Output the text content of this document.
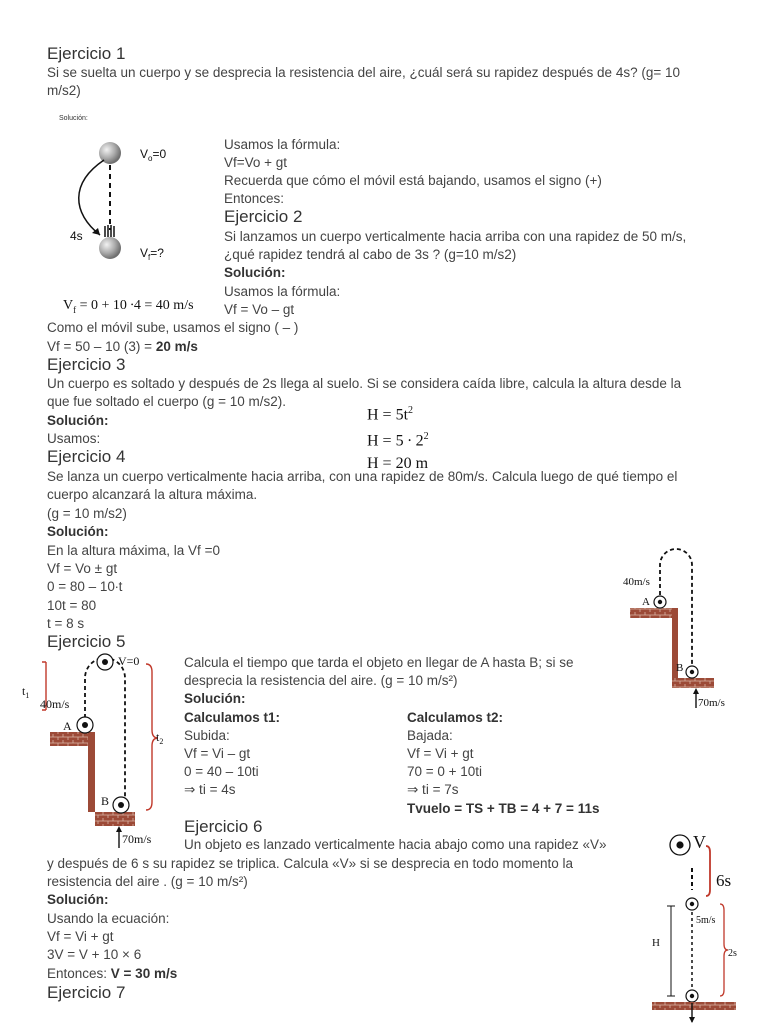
Ejercicio 1

Si se suelta un cuerpo y se desprecia la resistencia del aire, ¿cuál será su rapidez después de 4s? (g= 10

m/s2)

Solución:
$V_o=0$
4s
$V_f=$?

Usamos la fórmula:

Vf=Vo + gt

Recuerda que cómo el móvil está bajando, usamos el signo (+)

Entonces:

$V_f = 0 + 10 \cdot 4 = 40$ m/s
Ejercicio 2

Si lanzamos un cuerpo verticalmente hacia arriba con una rapidez de 50 m/s,

¿qué rapidez tendrá al cabo de 3s ? (g=10 m/s2)

Solución:

Usamos la fórmula:

Vf = Vo – gt

Como el móvil sube, usamos el signo ( – )

Vf = 50 – 10 (3) = 20 m/s

Ejercicio 3

Un cuerpo es soltado y después de 2s llega al suelo. Si se considera caída libre, calcula la altura desde la

que fue soltado el cuerpo (g = 10 m/s2).

Solución:

Usamos:

$H = 5t^2$
$H = 5 \cdot 2^2$
H = 20 m
Ejercicio 4

Se lanza un cuerpo verticalmente hacia arriba, con una rapidez de 80m/s. Calcula luego de qué tiempo el

cuerpo alcanzará la altura máxima.

(g = 10 m/s2)

Solución:

En la altura máxima, la Vf =0

Vf = Vo ± gt

0 = 80 – 10∙t

10t = 80

t = 8 s

40m/s
A
B
70m/s
Ejercicio 5
V=0
$t_1$
40m/s
A
$t_2$
B
70m/s

Calcula el tiempo que tarda el objeto en llegar de A hasta B; si se

desprecia la resistencia del aire. (g = 10 m/s²)

Solución:

Calculamos t1:

Subida:

Vf = Vi – gt

0 = 40 – 10ti

⇒ ti = 4s

Calculamos t2:

Bajada:

Vf = Vi + gt

70 = 0 + 10ti

⇒ ti = 7s

Tvuelo = TS + TB = 4 + 7 = 11s

Ejercicio 6

Un objeto es lanzado verticalmente hacia abajo como una rapidez «V»

y después de 6 s su rapidez se triplica. Calcula «V» si se desprecia en todo momento la

resistencia del aire . (g = 10 m/s²)

Solución:

Usando la ecuación:

Vf = Vi + gt

3V = V + 10 × 6

Entonces: V = 30 m/s

V
6s
H
5m/s
2s
Ejercicio 7
